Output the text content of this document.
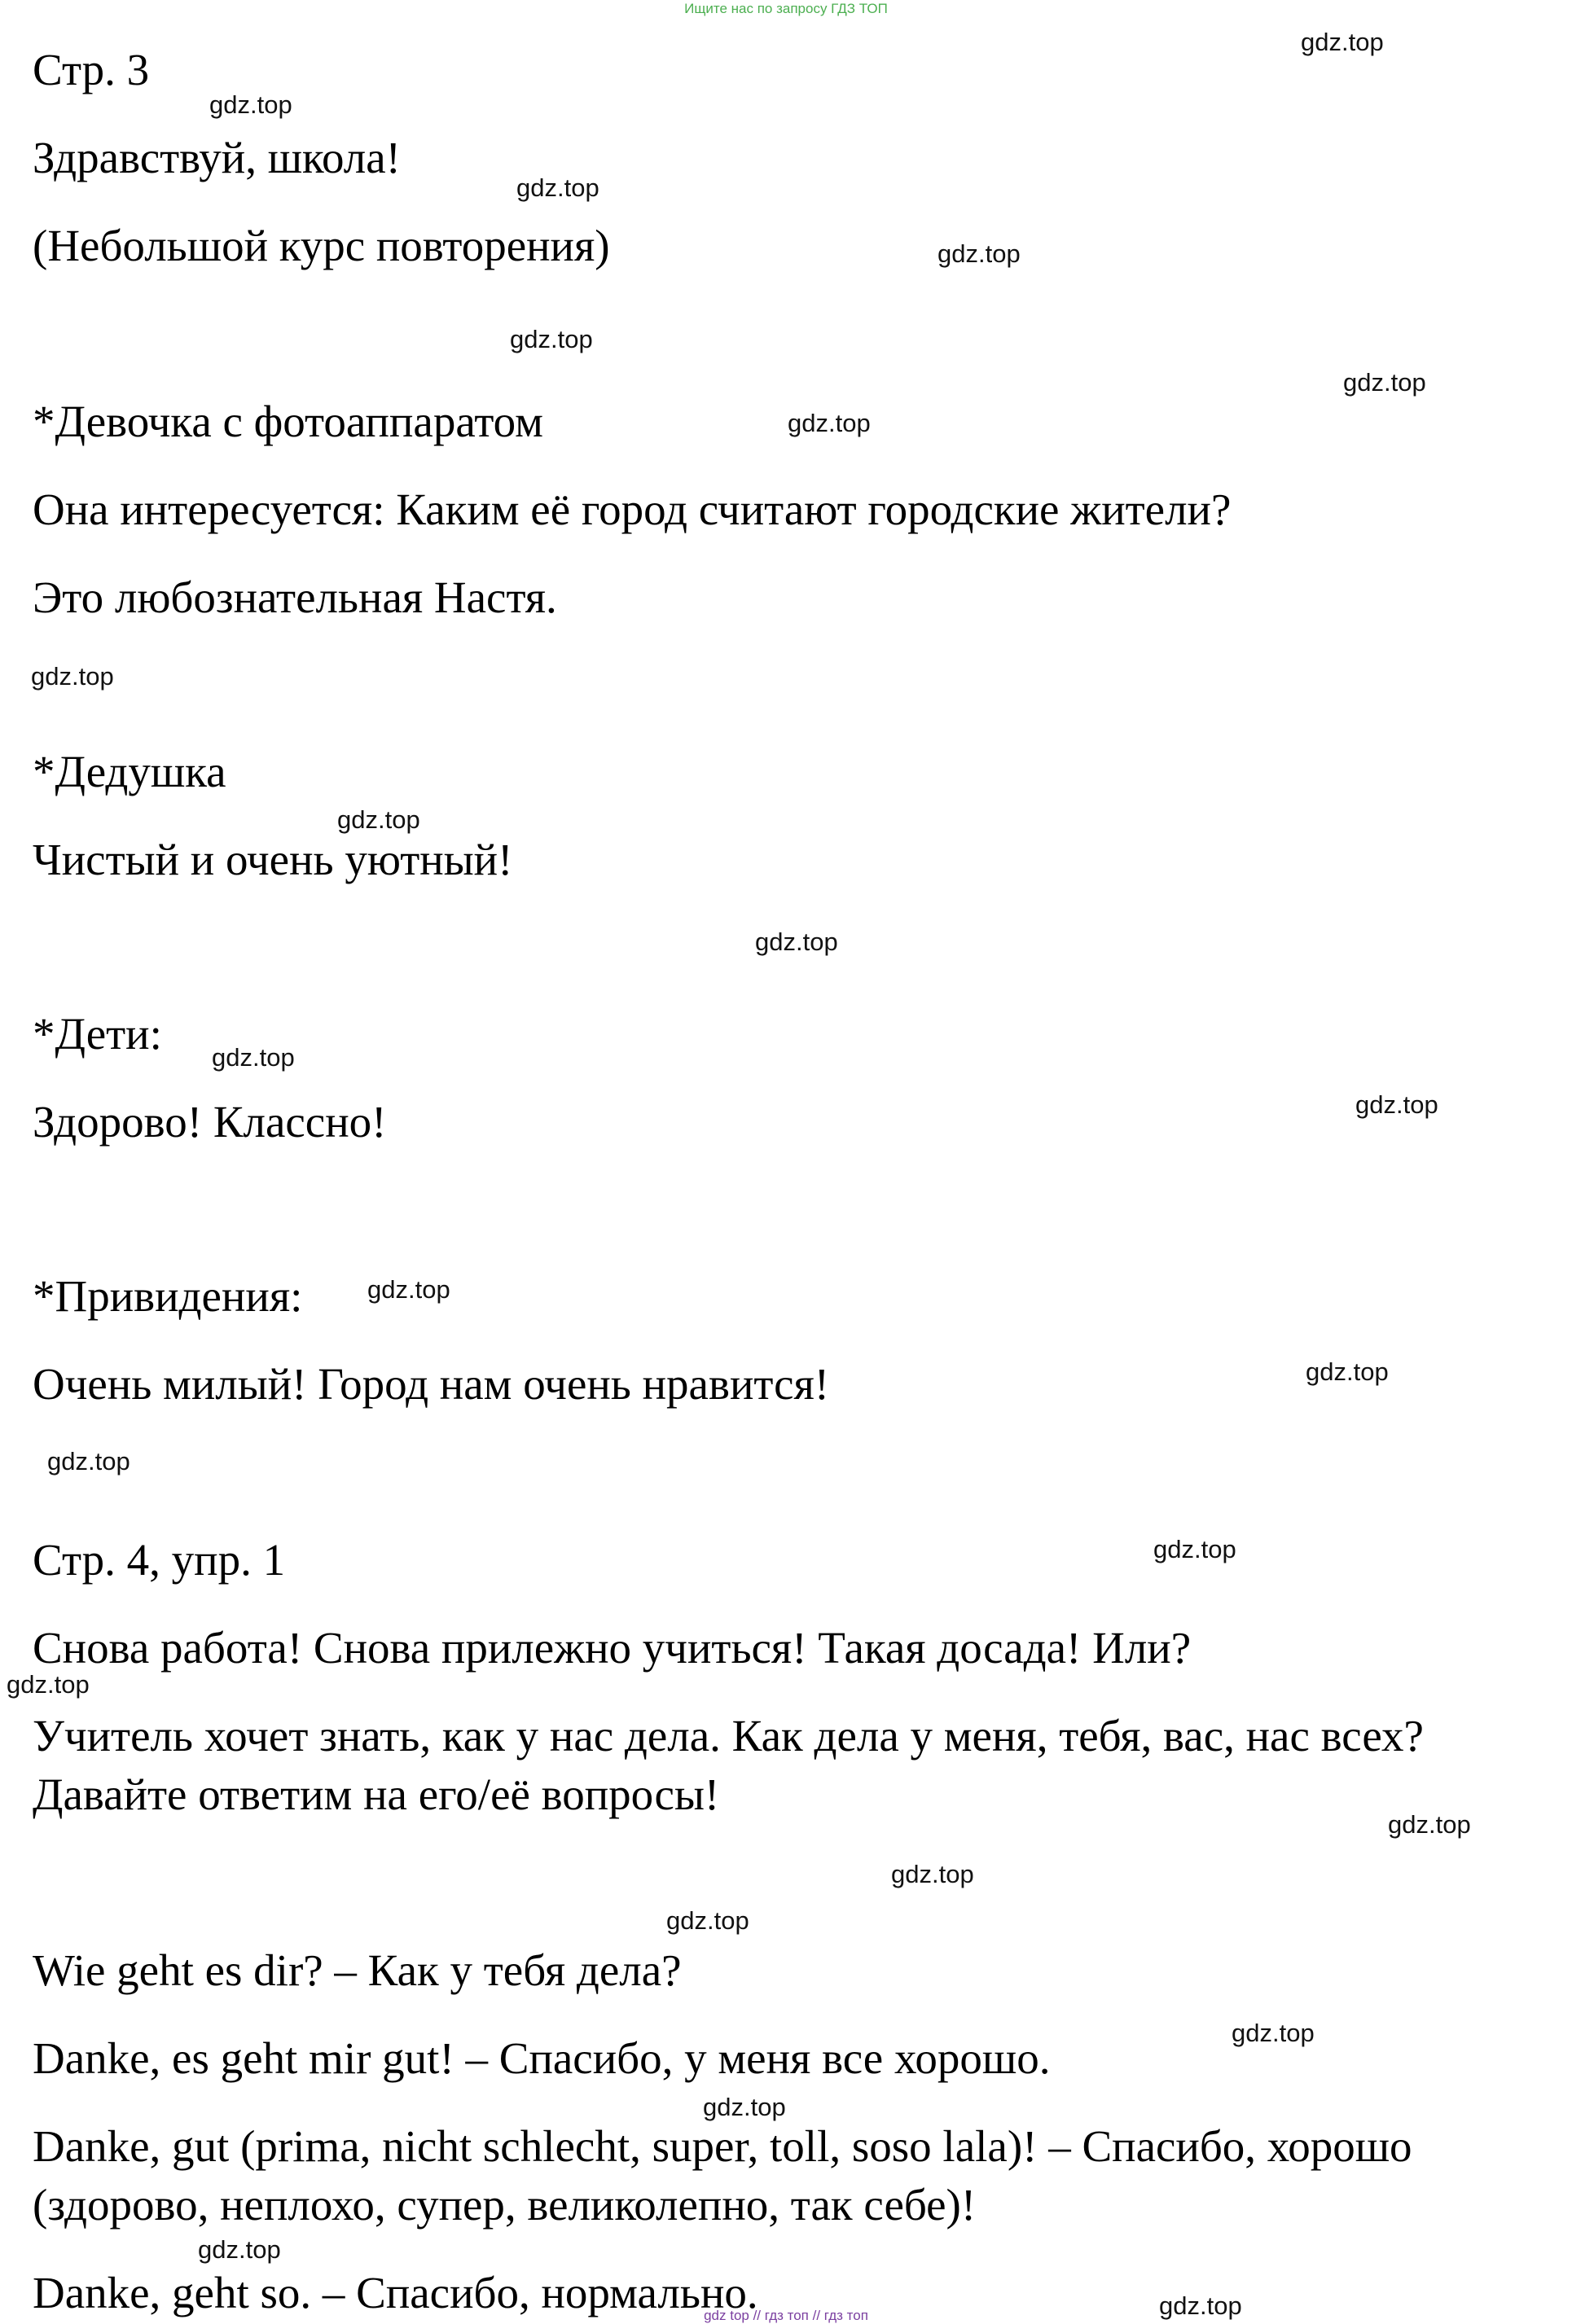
Ищите нас по запросу ГДЗ ТОП

Стр. 3

Здравствуй, школа!

(Небольшой курс повторения)

*Девочка с фотоаппаратом

Она интересуется: Каким её город считают городские жители?

Это любознательная Настя.

*Дедушка

Чистый и очень уютный!

*Дети:

Здорово! Классно!

*Привидения:

Очень милый! Город нам очень нравится!

Стр. 4, упр. 1

Снова работа! Снова прилежно учиться! Такая досада! Или?

Учитель хочет знать, как у нас дела. Как дела у меня, тебя, вас, нас всех?

Давайте ответим на его/её вопросы!

Wie geht es dir? – Как у тебя дела?

Danke, es geht mir gut! – Спасибо, у меня все хорошо.

Danke, gut (prima, nicht schlecht, super, toll, soso lala)! – Спасибо, хорошо

(здорово, неплохо, супер, великолепно, так себе)!

Danke, geht so. – Спасибо, нормально.

gdz.top
gdz.top
gdz.top
gdz.top
gdz.top
gdz.top
gdz.top
gdz.top
gdz.top
gdz.top
gdz.top
gdz.top
gdz.top
gdz.top
gdz.top
gdz.top
gdz.top
gdz.top
gdz.top
gdz.top
gdz.top
gdz.top
gdz.top
gdz.top
gdz top // гдз топ // гдз топ
